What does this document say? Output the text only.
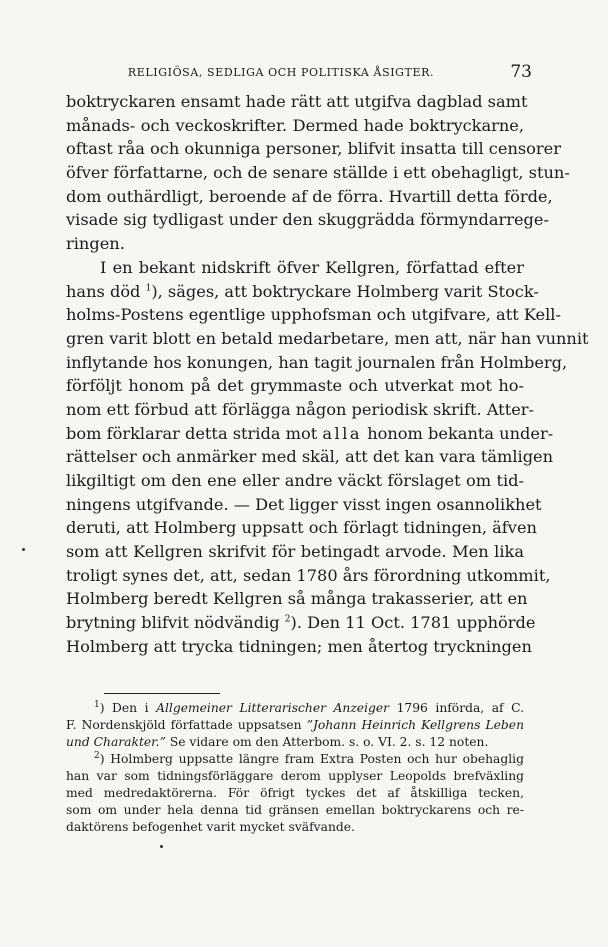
RELIGIÖSA, SEDLIGA OCH POLITISKA ÅSIGTER.	73
boktryckaren ensamt hade rätt att utgifva dagblad samt
månads- och veckoskrifter. Dermed hade boktryckarne,
oftast råa och okunniga personer, blifvit insatta till censorer
öfver författarne, och de senare ställde i ett obehagligt, stun-
dom outhärdligt, beroende af de förra. Hvartill detta förde,
visade sig tydligast under den skuggrädda förmyndarrege-
ringen.
I en bekant nidskrift öfver Kellgren, författad efter
hans död $^1$), säges, att boktryckare Holmberg varit Stock-
holms-Postens egentlige upphofsman och utgifvare, att Kell-
gren varit blott en betald medarbetare, men att, när han vunnit
inflytande hos konungen, han tagit journalen från Holmberg,
förföljt honom på det grymmaste och utverkat mot ho-
nom ett förbud att förlägga någon periodisk skrift. Atter-
bom förklarar detta strida mot alla honom bekanta under-
rättelser och anmärker med skäl, att det kan vara tämligen
likgiltigt om den ene eller andre väckt förslaget om tid-
ningens utgifvande. — Det ligger visst ingen osannolikhet
deruti, att Holmberg uppsatt och förlagt tidningen, äfven
som att Kellgren skrifvit för betingadt arvode. Men lika
troligt synes det, att, sedan 1780 års förordning utkommit,
Holmberg beredt Kellgren så många trakasserier, att en
brytning blifvit nödvändig $^2$). Den 11 Oct. 1781 upphörde
Holmberg att trycka tidningen; men återtog tryckningen
$^1$) Den i Allgemeiner Litterarischer Anzeiger 1796 införda, af C.
F. Nordenskjöld författade uppsatsen ”Johann Heinrich Kellgrens Leben
und Charakter.” Se vidare om den Atterbom. s. o. VI. 2. s. 12 noten.
$^2$) Holmberg uppsatte längre fram Extra Posten och hur obehaglig
han var som tidningsförläggare derom upplyser Leopolds brefväxling
med medredaktörerna. För öfrigt tyckes det af åtskilliga tecken,
som om under hela denna tid gränsen emellan boktryckarens och re-
daktörens befogenhet varit mycket sväfvande.
